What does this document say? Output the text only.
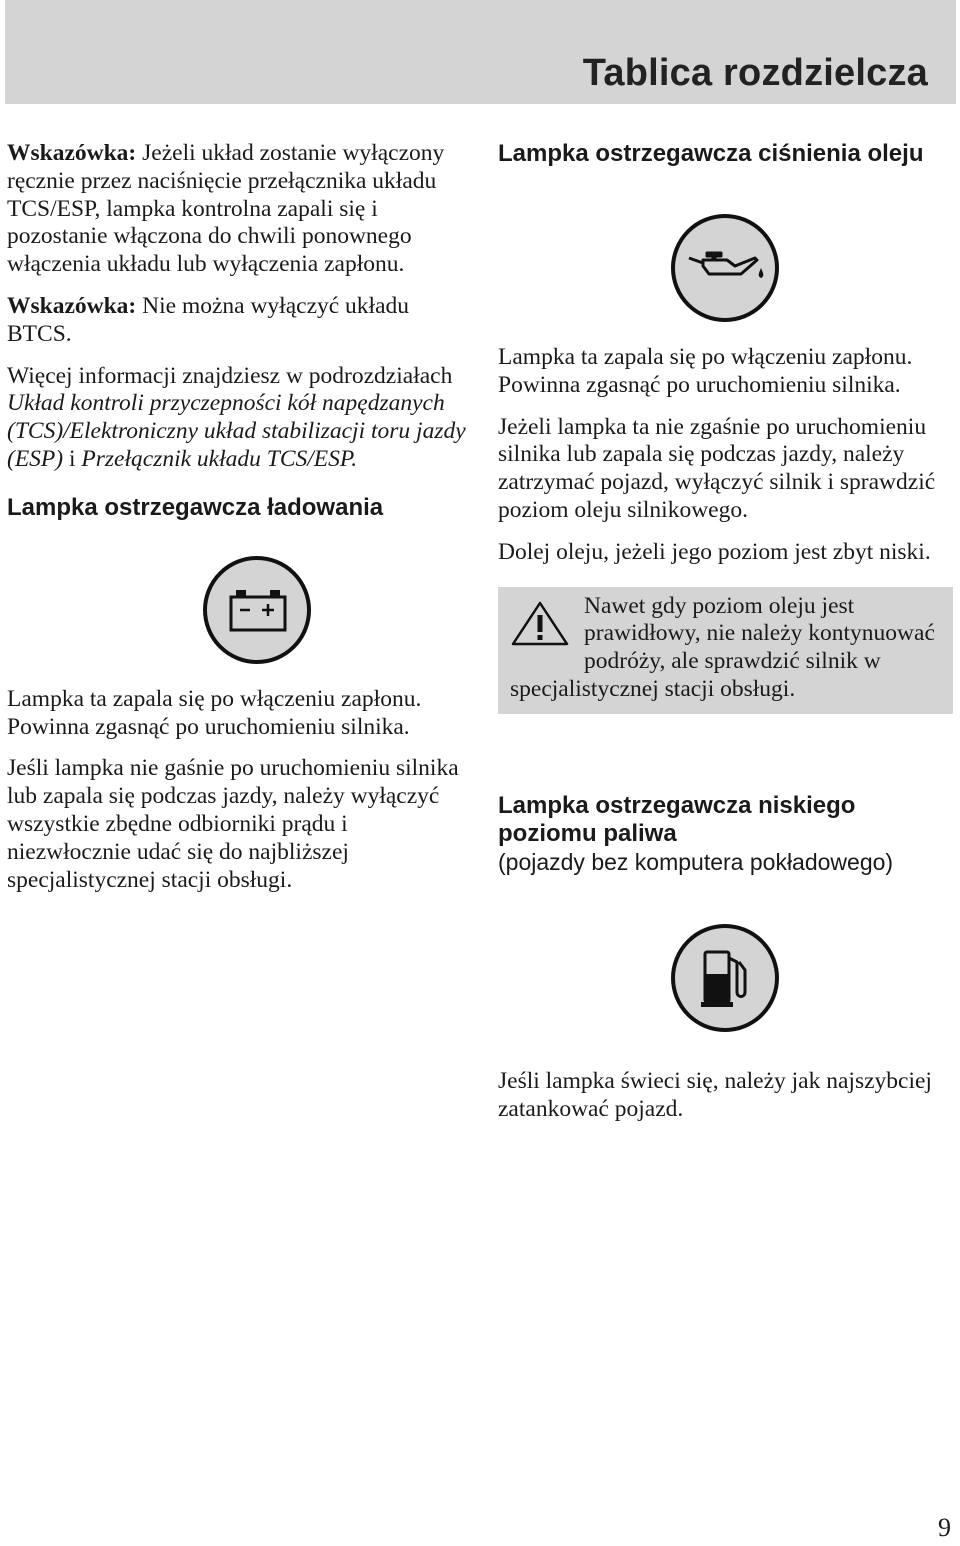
Tablica rozdzielcza

Wskazówka: Jeżeli układ zostanie wyłączony ręcznie przez naciśnięcie przełącznika układu TCS/ESP, lampka kontrolna zapali się i pozostanie włączona do chwili ponownego włączenia układu lub wyłączenia zapłonu.

Wskazówka: Nie można wyłączyć układu BTCS.

Więcej informacji znajdziesz w podrozdziałach Układ kontroli przyczepności kół napędzanych (TCS)/Elektroniczny układ stabilizacji toru jazdy (ESP) i Przełącznik układu TCS/ESP.

Lampka ostrzegawcza ładowania

Lampka ta zapala się po włączeniu zapłonu. Powinna zgasnąć po uruchomieniu silnika.

Jeśli lampka nie gaśnie po uruchomieniu silnika lub zapala się podczas jazdy, należy wyłączyć wszystkie zbędne odbiorniki prądu i niezwłocznie udać się do najbliższej specjalistycznej stacji obsługi.

Lampka ostrzegawcza ciśnienia oleju

Lampka ta zapala się po włączeniu zapłonu. Powinna zgasnąć po uruchomieniu silnika.

Jeżeli lampka ta nie zgaśnie po uruchomieniu silnika lub zapala się podczas jazdy, należy zatrzymać pojazd, wyłączyć silnik i sprawdzić poziom oleju silnikowego.

Dolej oleju, jeżeli jego poziom jest zbyt niski.

Nawet gdy poziom oleju jest prawidłowy, nie należy kontynuować podróży, ale sprawdzić silnik w specjalistycznej stacji obsługi.
Lampka ostrzegawcza niskiego poziomu paliwa
(pojazdy bez komputera pokładowego)

Jeśli lampka świeci się, należy jak najszybciej zatankować pojazd.

9
